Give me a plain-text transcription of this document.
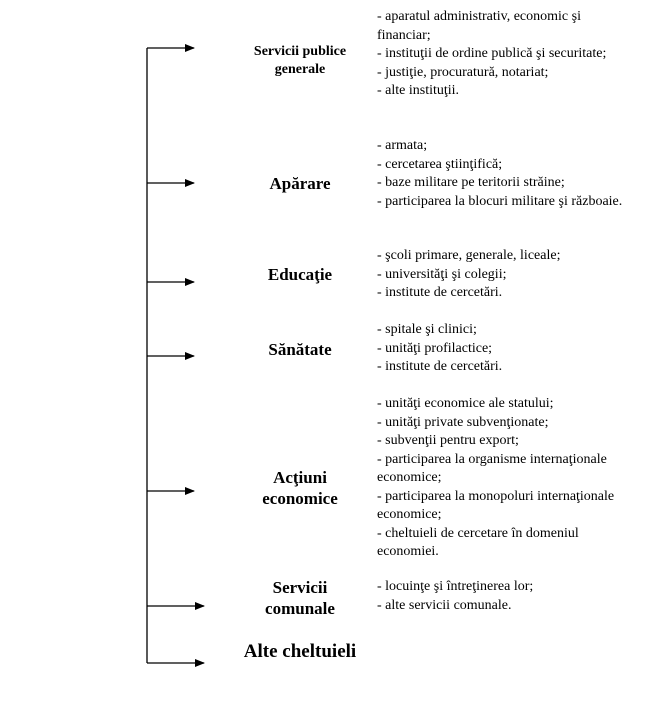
Servicii publice generale
Apărare
Educaţie
Sănătate
Acţiuni economice
Servicii comunale
Alte cheltuieli
- aparatul administrativ, economic şi financiar;
- instituţii de ordine publică şi securitate;
- justiţie, procuratură, notariat;
- alte instituţii.
- armata;
- cercetarea ştiinţifică;
- baze militare pe teritorii străine;
- participarea la blocuri militare şi războaie.
- şcoli primare, generale, liceale;
- universităţi şi colegii;
- institute de cercetări.
- spitale şi clinici;
- unităţi profilactice;
- institute de cercetări.
- unităţi economice ale statului;
- unităţi private subvenţionate;
- subvenţii pentru export;
- participarea la organisme internaţionale economice;
- participarea la monopoluri internaţionale economice;
- cheltuieli de cercetare în domeniul economiei.
- locuinţe şi întreţinerea lor;
- alte servicii comunale.
